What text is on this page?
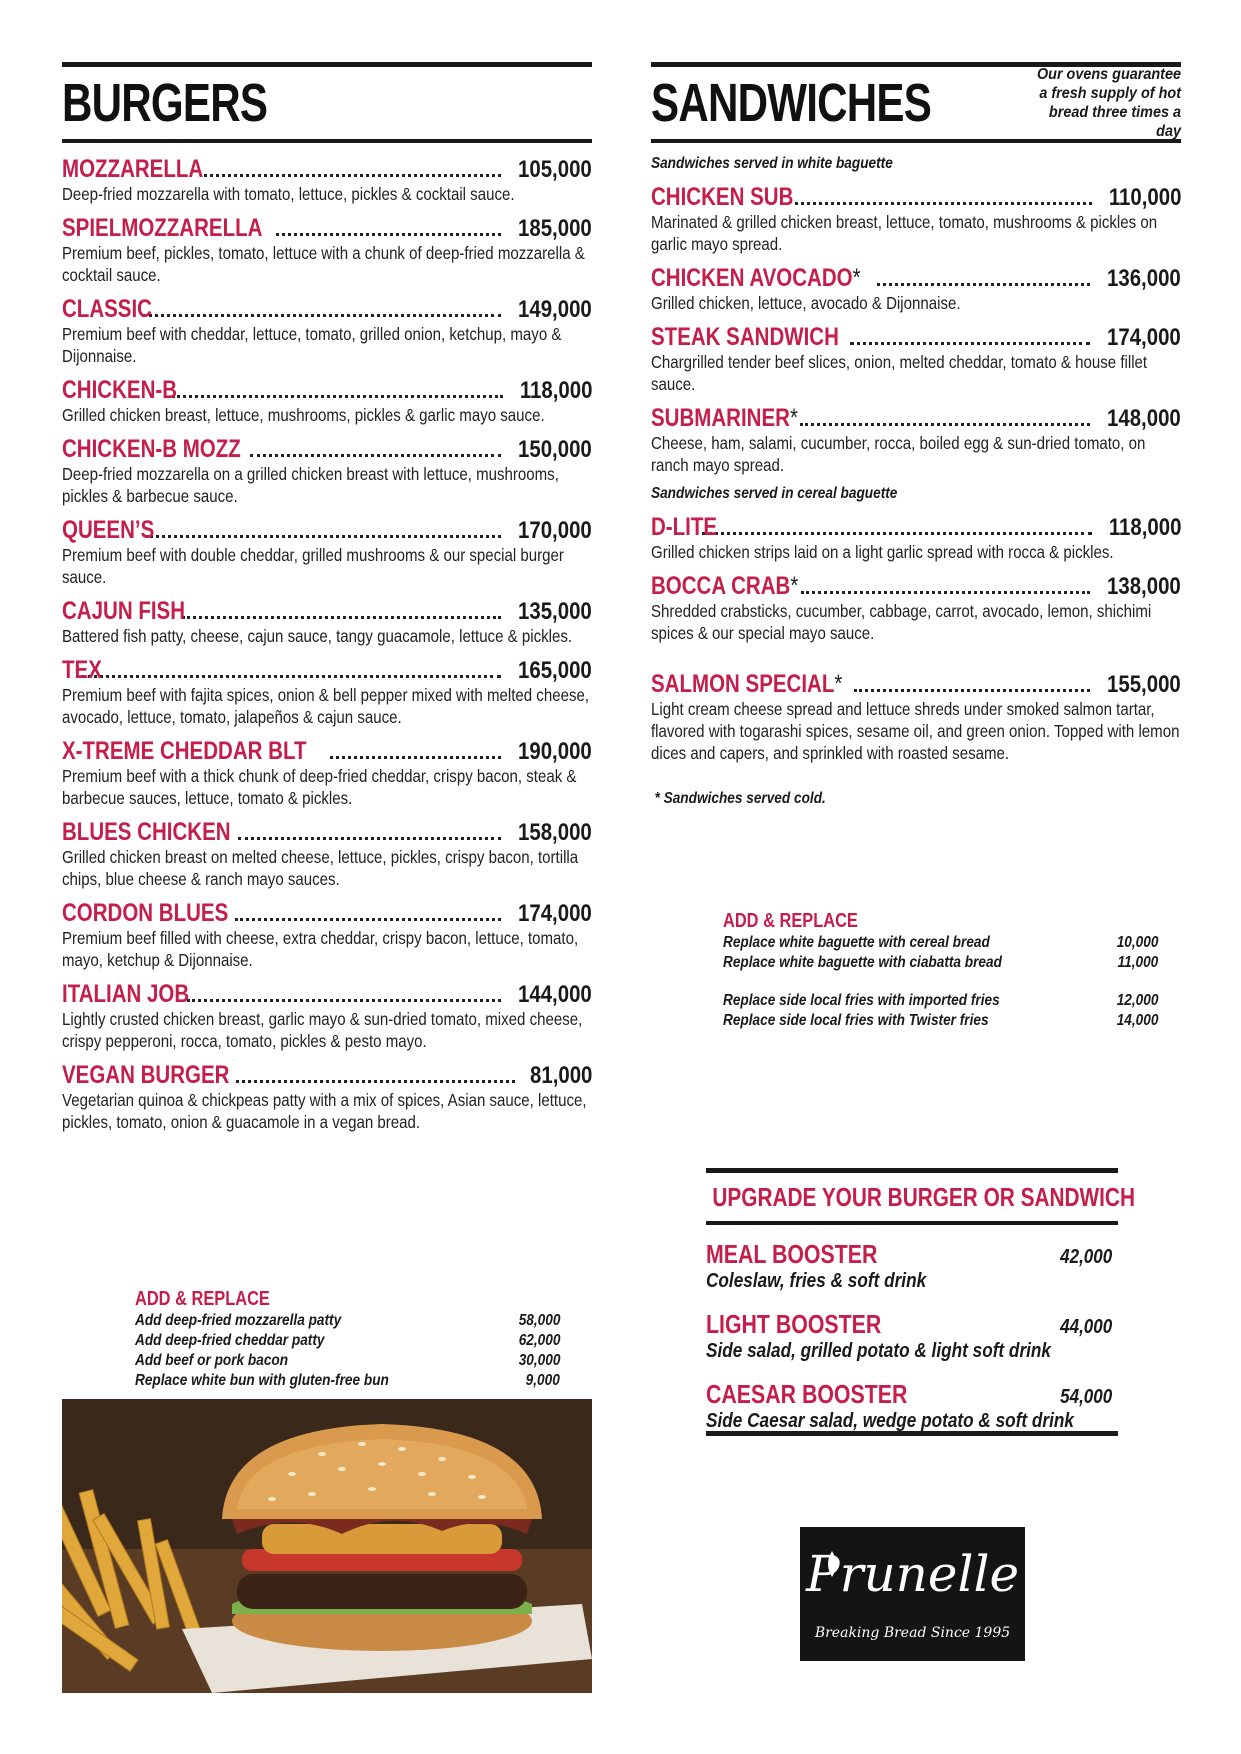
BURGERS
MOZZARELLA	105,000
Deep-fried mozzarella with tomato, lettuce, pickles & cocktail sauce.
SPIELMOZZARELLA	185,000
Premium beef, pickles, tomato, lettuce with a chunk of deep-fried mozzarella & cocktail sauce.
CLASSIC	149,000
Premium beef with cheddar, lettuce, tomato, grilled onion, ketchup, mayo & Dijonnaise.
CHICKEN-B	118,000
Grilled chicken breast, lettuce, mushrooms, pickles & garlic mayo sauce.
CHICKEN-B MOZZ	150,000
Deep-fried mozzarella on a grilled chicken breast with lettuce, mushrooms, pickles & barbecue sauce.
QUEEN’S	170,000
Premium beef with double cheddar, grilled mushrooms & our special burger sauce.
CAJUN FISH	135,000
Battered fish patty, cheese, cajun sauce, tangy guacamole, lettuce & pickles.
TEX	165,000
Premium beef with fajita spices, onion & bell pepper mixed with melted cheese, avocado, lettuce, tomato, jalapeños & cajun sauce.
X-TREME CHEDDAR BLT	190,000
Premium beef with a thick chunk of deep-fried cheddar, crispy bacon, steak & barbecue sauces, lettuce, tomato & pickles.
BLUES CHICKEN	158,000
Grilled chicken breast on melted cheese, lettuce, pickles, crispy bacon, tortilla chips, blue cheese & ranch mayo sauces.
CORDON BLUES	174,000
Premium beef filled with cheese, extra cheddar, crispy bacon, lettuce, tomato, mayo, ketchup & Dijonnaise.
ITALIAN JOB	144,000
Lightly crusted chicken breast, garlic mayo & sun-dried tomato, mixed cheese, crispy pepperoni, rocca, tomato, pickles & pesto mayo.
VEGAN BURGER	81,000
Vegetarian quinoa & chickpeas patty with a mix of spices, Asian sauce, lettuce, pickles, tomato, onion & guacamole in a vegan bread.
ADD & REPLACE
Add deep-fried mozzarella patty	58,000
Add deep-fried cheddar patty	62,000
Add beef or pork bacon	30,000
Replace white bun with gluten-free bun	9,000
SANDWICHES	Our ovens guarantee a fresh supply of hot bread three times a day
Sandwiches served in white baguette
CHICKEN SUB	110,000
Marinated & grilled chicken breast, lettuce, tomato, mushrooms & pickles on garlic mayo spread.
CHICKEN AVOCADO*	136,000
Grilled chicken, lettuce, avocado & Dijonnaise.
STEAK SANDWICH	174,000
Chargrilled tender beef slices, onion, melted cheddar, tomato & house fillet sauce.
SUBMARINER*	148,000
Cheese, ham, salami, cucumber, rocca, boiled egg & sun-dried tomato, on ranch mayo spread.
Sandwiches served in cereal baguette
D-LITE	118,000
Grilled chicken strips laid on a light garlic spread with rocca & pickles.
BOCCA CRAB*	138,000
Shredded crabsticks, cucumber, cabbage, carrot, avocado, lemon, shichimi spices & our special mayo sauce.
SALMON SPECIAL*	155,000
Light cream cheese spread and lettuce shreds under smoked salmon tartar, flavored with togarashi spices, sesame oil, and green onion. Topped with lemon dices and capers, and sprinkled with roasted sesame.
* Sandwiches served cold.
ADD & REPLACE
Replace white baguette with cereal bread	10,000
Replace white baguette with ciabatta bread	11,000
Replace side local fries with imported fries	12,000
Replace side local fries with Twister fries	14,000
UPGRADE YOUR BURGER OR SANDWICH
MEAL BOOSTER	42,000
Coleslaw, fries & soft drink
LIGHT BOOSTER	44,000
Side salad, grilled potato & light soft drink
CAESAR BOOSTER	54,000
Side Caesar salad, wedge potato & soft drink
Prunelle
Breaking Bread Since 1995
